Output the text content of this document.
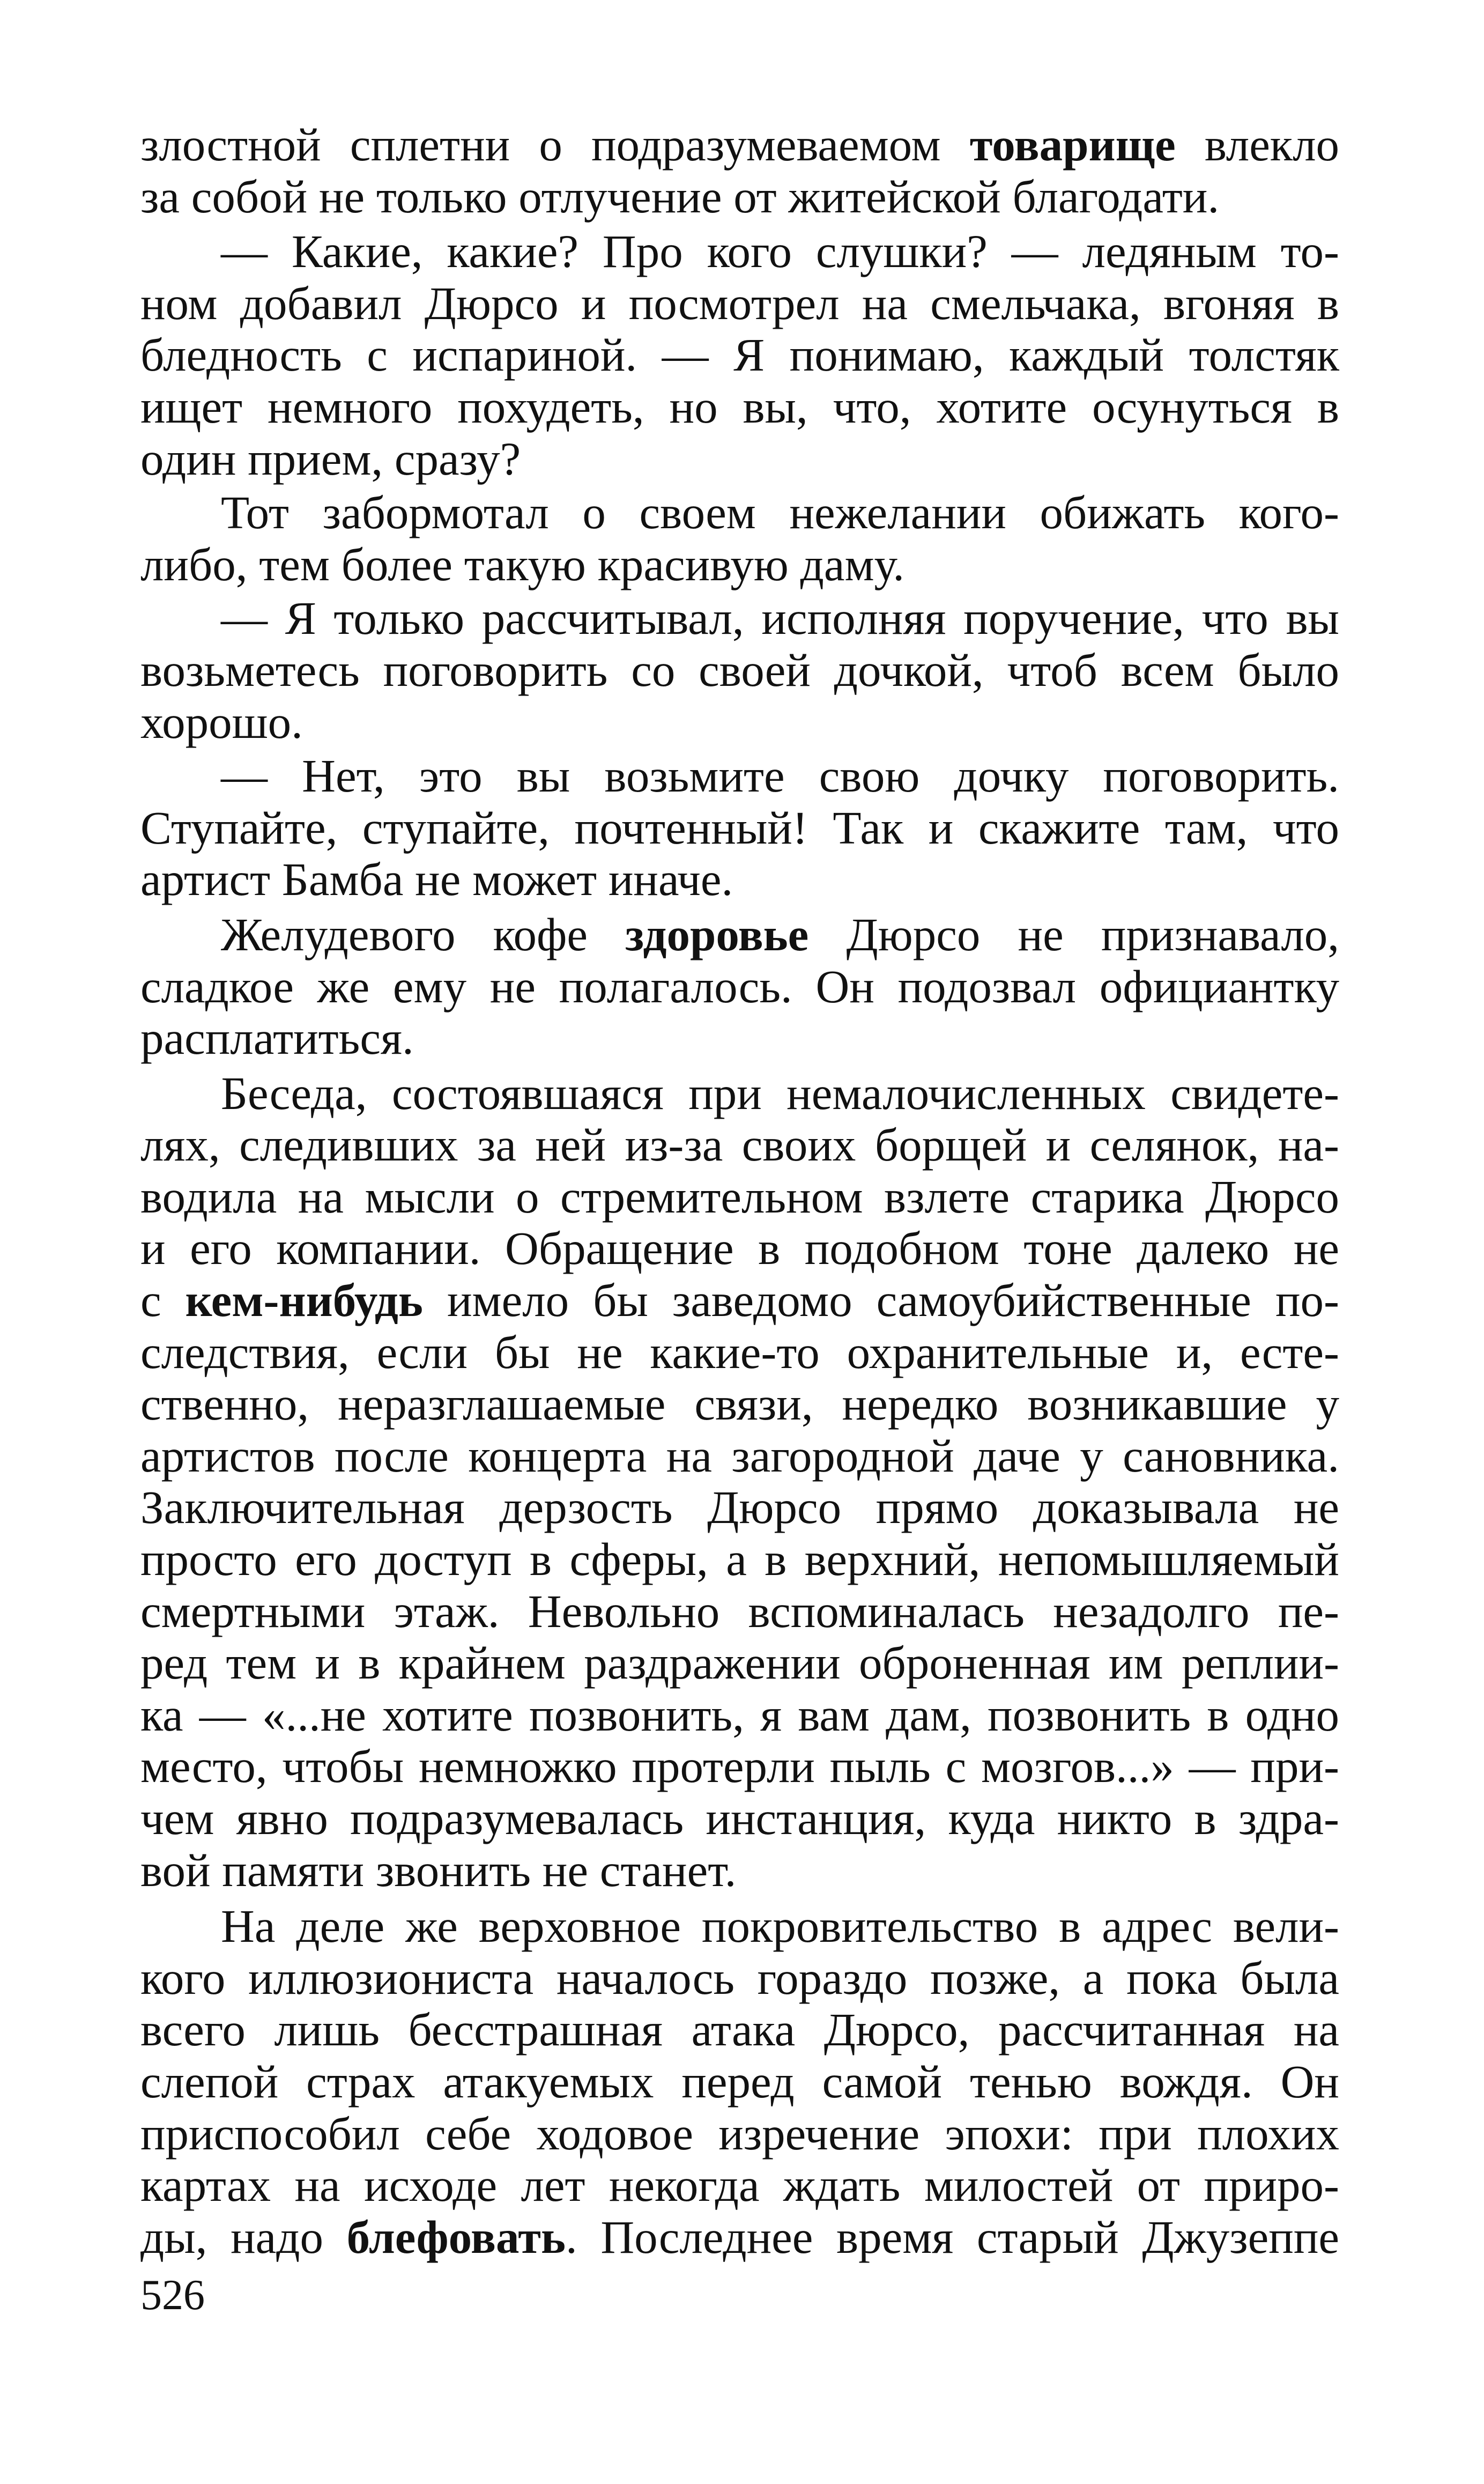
злостной сплетни о подразумеваемом товарище влекло
за собой не только отлучение от житейской благодати.
— Какие, какие? Про кого слушки? — ледяным то-
ном добавил Дюрсо и посмотрел на смельчака, вгоняя в
бледность с испариной. — Я понимаю, каждый толстяк
ищет немного похудеть, но вы, что, хотите осунуться в
один прием, сразу?
Тот забормотал о своем нежелании обижать кого-
либо, тем более такую красивую даму.
— Я только рассчитывал, исполняя поручение, что вы
возьметесь поговорить со своей дочкой, чтоб всем было
хорошо.
— Нет, это вы возьмите свою дочку поговорить.
Ступайте, ступайте, почтенный! Так и скажите там, что
артист Бамба не может иначе.
Желудевого кофе здоровье Дюрсо не признавало,
сладкое же ему не полагалось. Он подозвал официантку
расплатиться.
Беседа, состоявшаяся при немалочисленных свидете-
лях, следивших за ней из-за своих борщей и селянок, на-
водила на мысли о стремительном взлете старика Дюрсо
и его компании. Обращение в подобном тоне далеко не
с кем-нибудь имело бы заведомо самоубийственные по-
следствия, если бы не какие-то охранительные и, есте-
ственно, неразглашаемые связи, нередко возникавшие у
артистов после концерта на загородной даче у сановника.
Заключительная дерзость Дюрсо прямо доказывала не
просто его доступ в сферы, а в верхний, непомышляемый
смертными этаж. Невольно вспоминалась незадолго пе-
ред тем и в крайнем раздражении оброненная им реплии-
ка — «...не хотите позвонить, я вам дам, позвонить в одно
место, чтобы немножко протерли пыль с мозгов...» — при-
чем явно подразумевалась инстанция, куда никто в здра-
вой памяти звонить не станет.
На деле же верховное покровительство в адрес вели-
кого иллюзиониста началось гораздо позже, а пока была
всего лишь бесстрашная атака Дюрсо, рассчитанная на
слепой страх атакуемых перед самой тенью вождя. Он
приспособил себе ходовое изречение эпохи: при плохих
картах на исходе лет некогда ждать милостей от приро-
ды, надо блефовать. Последнее время старый Джузеппе
526
